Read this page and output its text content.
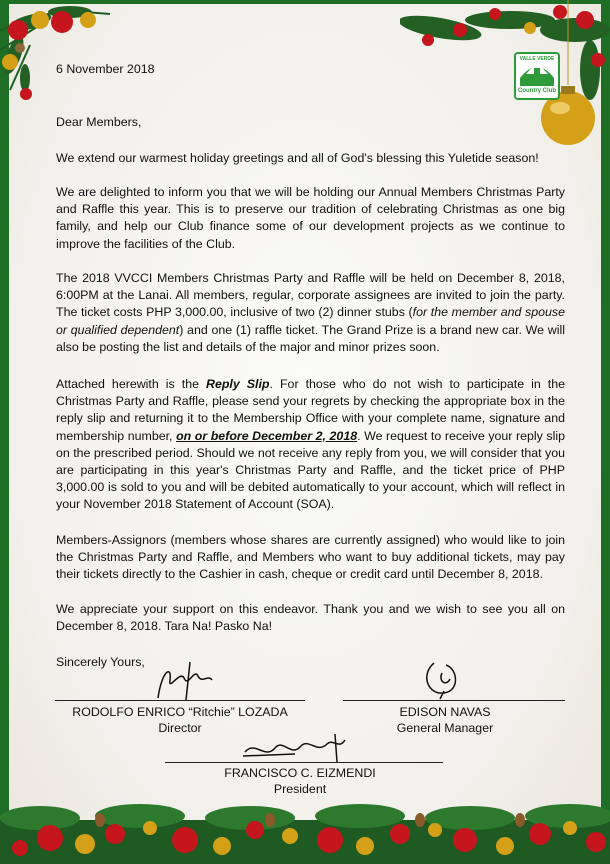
VALLE VERDE
Country Club
6 November 2018
Dear Members,
We extend our warmest holiday greetings and all of God's blessing this Yuletide season!
We are delighted to inform you that we will be holding our Annual Members Christmas Party and Raffle this year. This is to preserve our tradition of celebrating Christmas as one big family, and help our Club finance some of our development projects as we continue to improve the facilities of the Club.
The 2018 VVCCI Members Christmas Party and Raffle will be held on December 8, 2018, 6:00PM at the Lanai. All members, regular, corporate assignees are invited to join the party. The ticket costs PHP 3,000.00, inclusive of two (2) dinner stubs (for the member and spouse or qualified dependent) and one (1) raffle ticket. The Grand Prize is a brand new car. We will also be posting the list and details of the major and minor prizes soon.
Attached herewith is the Reply Slip. For those who do not wish to participate in the Christmas Party and Raffle, please send your regrets by checking the appropriate box in the reply slip and returning it to the Membership Office with your complete name, signature and membership number, on or before December 2, 2018. We request to receive your reply slip on the prescribed period. Should we not receive any reply from you, we will consider that you are participating in this year's Christmas Party and Raffle, and the ticket price of PHP 3,000.00 is sold to you and will be debited automatically to your account, which will reflect in your November 2018 Statement of Account (SOA).
Members-Assignors (members whose shares are currently assigned) who would like to join the Christmas Party and Raffle, and Members who want to buy additional tickets, may pay their tickets directly to the Cashier in cash, cheque or credit card until December 8, 2018.
We appreciate your support on this endeavor. Thank you and we wish to see you all on December 8, 2018. Tara Na! Pasko Na!
Sincerely Yours,
RODOLFO ENRICO “Ritchie” LOZADA
Director
EDISON NAVAS
General Manager
FRANCISCO C. EIZMENDI
President
